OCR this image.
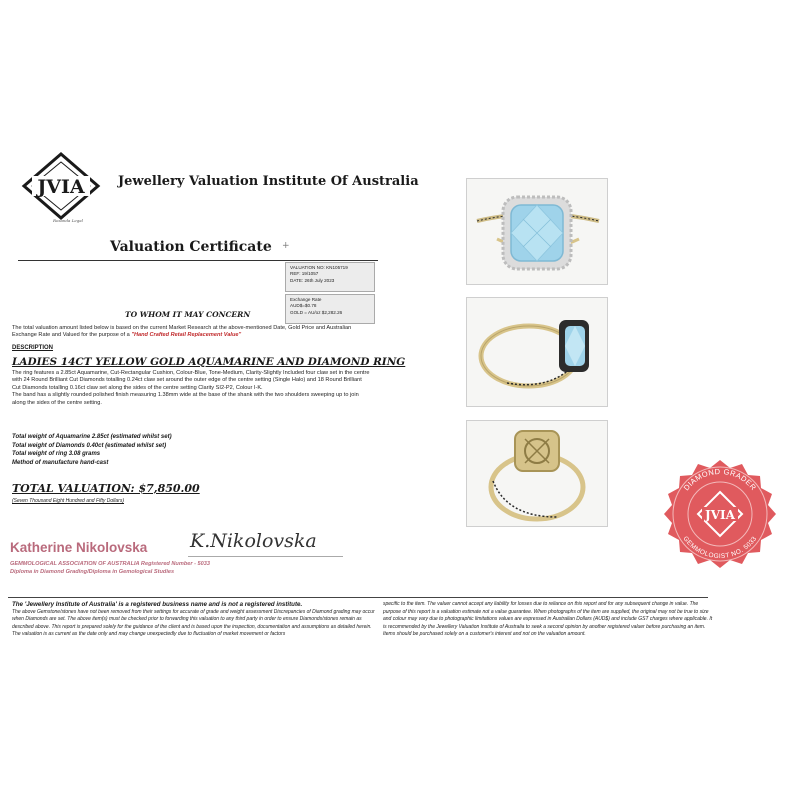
JVIA
Rosanda Legal
Jewellery Valuation Institute Of Australia
Valuation Certificate +
VALUATION NO: KN105719
REF: 19/1057
DATE: 26th July 2023
Exchange Rate
AUD$=$0.78
GOLD = AU/oz $2,282.26
TO WHOM IT MAY CONCERN
The total valuation amount listed below is based on the current Market Research at the above-mentioned Date, Gold Price and Australian Exchange Rate and Valued for the purpose of a "Hand Crafted Retail Replacement Value"
DESCRIPTION
LADIES 14CT YELLOW GOLD AQUAMARINE AND DIAMOND RING
The ring features a 2.85ct Aquamarine, Cut-Rectangular Cushion, Colour-Blue, Tone-Medium, Clarity-Slightly Included four claw set in the centre with 24 Round Brilliant Cut Diamonds totalling 0.24ct claw set around the outer edge of the centre setting (Single Halo) and 18 Round Brilliant Cut Diamonds totalling 0.16ct claw set along the sides of the centre setting Clarity SI2-P2, Colour I-K.
The band has a slightly rounded polished finish measuring 1.38mm wide at the base of the shank with the two shoulders sweeping up to join along the sides of the centre setting.
Total weight of Aquamarine 2.85ct (estimated whilst set)
Total weight of Diamonds 0.40ct (estimated whilst set)
Total weight of ring 3.08 grams
Method of manufacture hand-cast
TOTAL VALUATION: $7,850.00
(Seven Thousand Eight Hundred and Fifty Dollars)
Katherine Nikolovska K.Nikolovska
GEMMOLOGICAL ASSOCIATION OF AUSTRALIA Registered Number - 5033
Diploma in Diamond Grading/Diploma in Gemological Studies
The 'Jewellery Institute of Australia' is a registered business name and is not a registered institute.
The above Gemstone/stones have not been removed from their settings for accurate of grade and weight assessment Discrepancies of Diamond grading may occur when Diamonds are set. The above item(s) must be checked prior to forwarding this valuation to any third party in order to ensure Diamonds/stones remain as described above. This report is prepared solely for the guidance of the client and is based upon the inspection, documentation and assumptions as detailed herein. The valuation is as current as the date only and may change unexpectedly due to fluctuation of market movement or factors
specific to the item. The valuer cannot accept any liability for losses due to reliance on this report and for any subsequent change in value. The purpose of this report is a valuation estimate not a value guarantee. When photographs of the item are supplied, the original may not be true to size and colour may vary due to photographic limitations values are expressed in Australian Dollars (AUD$) and include GST charges where applicable. It is recommended by the Jewellery Valuation Institute of Australia to seek a second opinion by another registered valuer before purchasing an item. Items should be purchased solely on a customer's interest and not on the valuation amount.
DIAMOND GRADER
GEMMOLOGIST NO. 5033
JVIA
